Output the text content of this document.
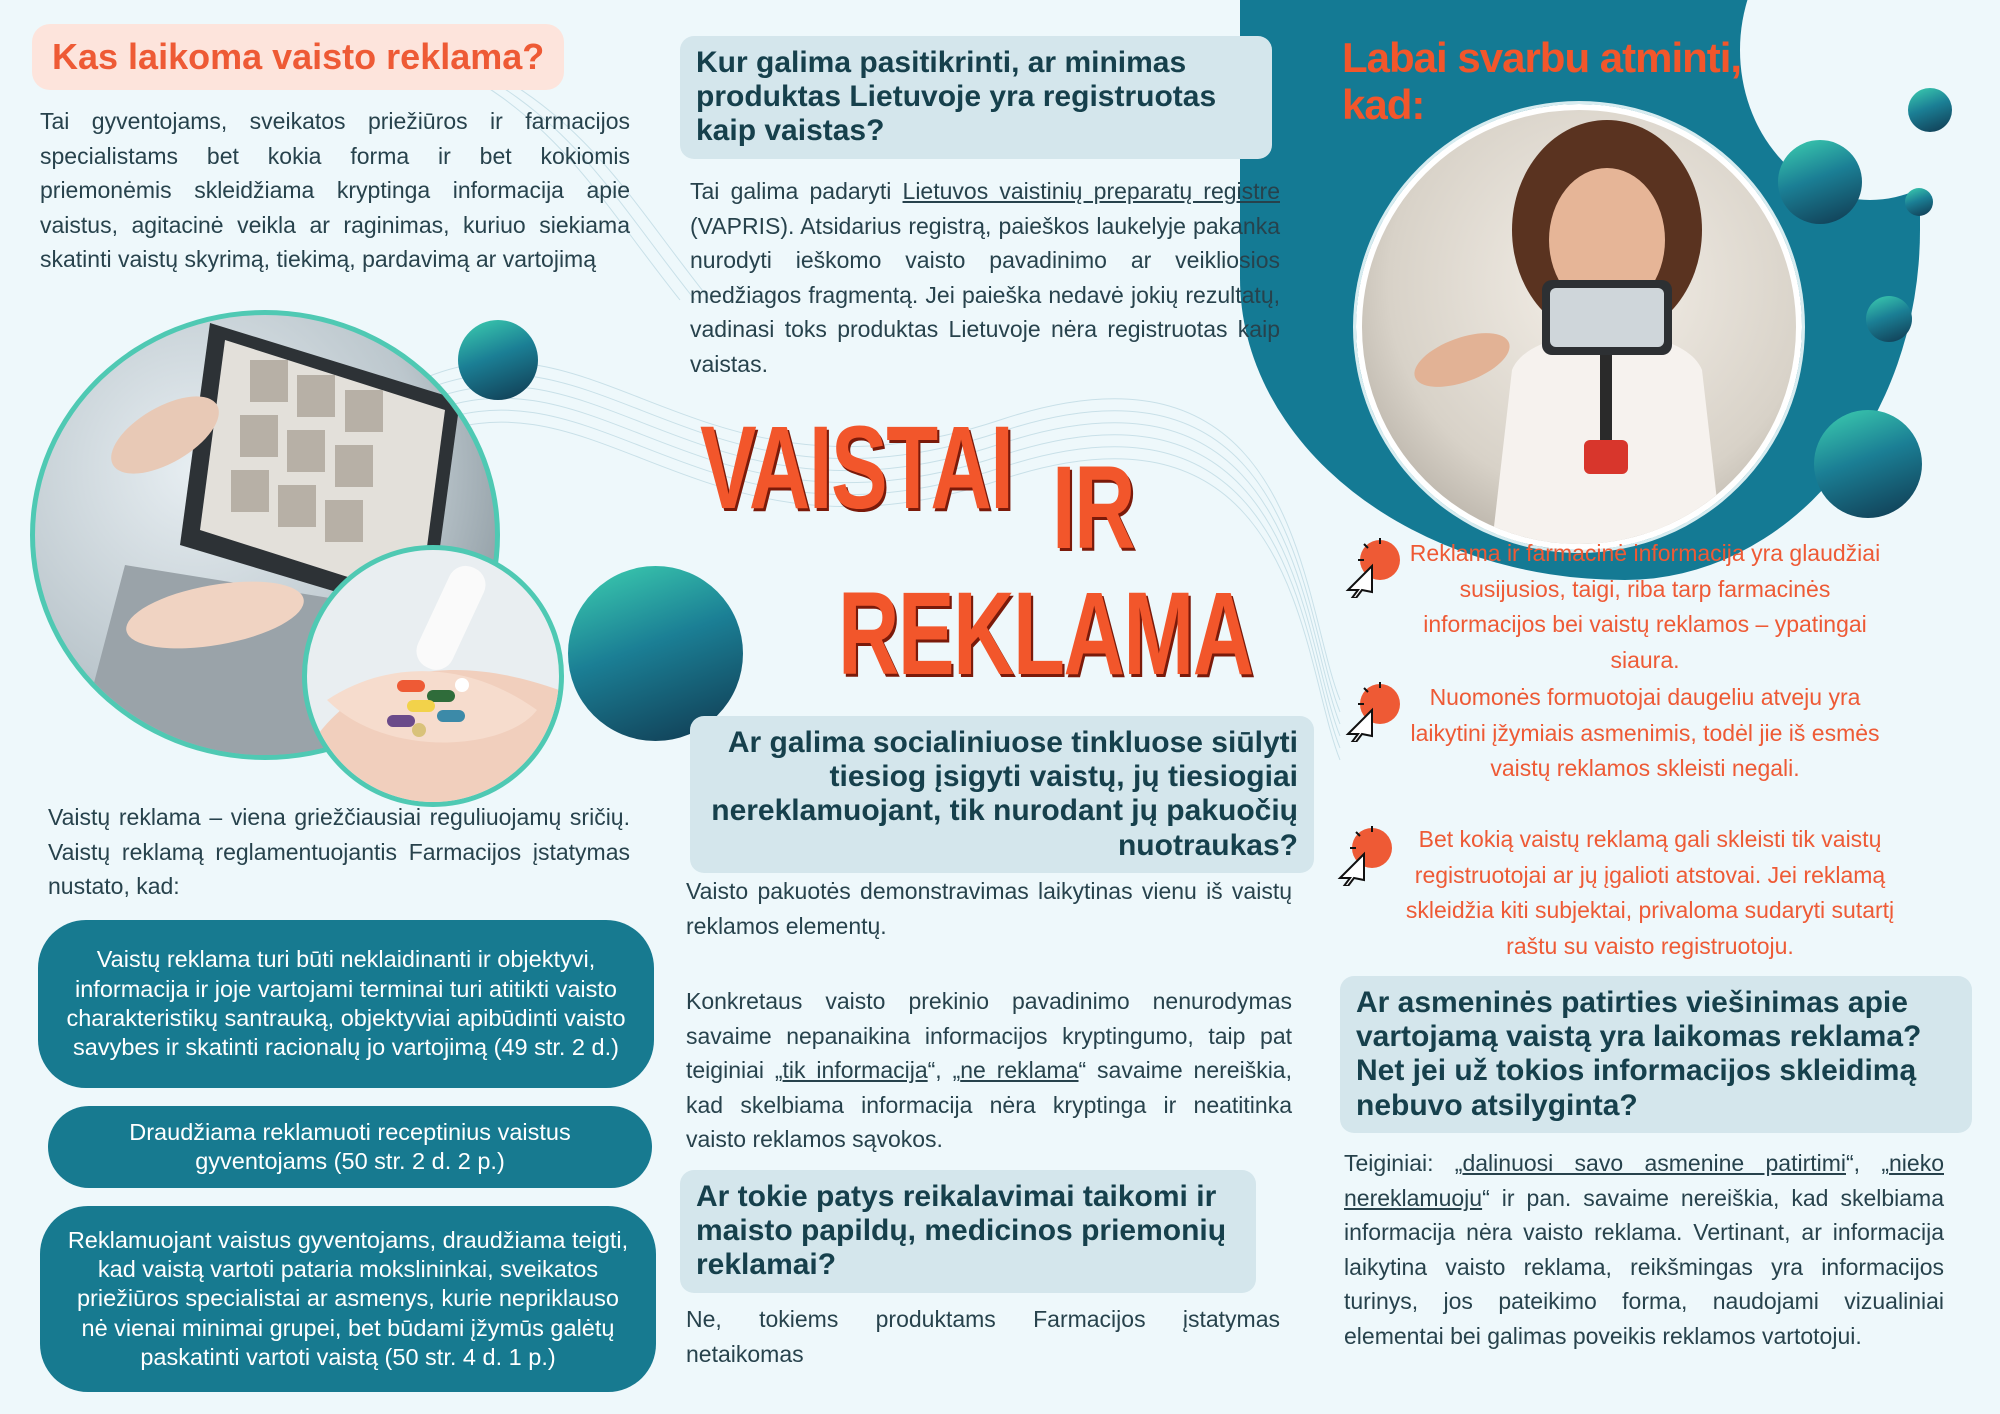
Kas laikoma vaisto reklama?
Tai gyventojams, sveikatos priežiūros ir farmacijos specialistams bet kokia forma ir bet kokiomis priemonėmis skleidžiama kryptinga informacija apie vaistus, agitacinė veikla ar raginimas, kuriuo siekiama skatinti vaistų skyrimą, tiekimą, pardavimą ar vartojimą
Vaistų reklama – viena griežčiausiai reguliuojamų sričių. Vaistų reklamą reglamentuojantis Farmacijos įstatymas nustato, kad:
Vaistų reklama turi būti neklaidinanti ir objektyvi, informacija ir joje vartojami terminai turi atitikti vaisto charakteristikų santrauką, objektyviai apibūdinti vaisto savybes ir skatinti racionalų jo vartojimą (49 str. 2 d.)
Draudžiama reklamuoti receptinius vaistus gyventojams (50 str. 2 d. 2 p.)
Reklamuojant vaistus gyventojams, draudžiama teigti, kad vaistą vartoti pataria mokslininkai, sveikatos priežiūros specialistai ar asmenys, kurie nepriklauso nė vienai minimai grupei, bet būdami įžymūs galėtų paskatinti vartoti vaistą (50 str. 4 d. 1 p.)
Kur galima pasitikrinti, ar minimas produktas Lietuvoje yra registruotas kaip vaistas?
Tai galima padaryti Lietuvos vaistinių preparatų registre (VAPRIS). Atsidarius registrą, paieškos laukelyje pakanka nurodyti ieškomo vaisto pavadinimo ar veikliosios medžiagos fragmentą. Jei paieška nedavė jokių rezultatų, vadinasi toks produktas Lietuvoje nėra registruotas kaip vaistas.
VAISTAI IR
REKLAMA
Ar galima socialiniuose tinkluose siūlyti tiesiog įsigyti vaistų, jų tiesiogiai nereklamuojant, tik nurodant jų pakuočių nuotraukas?
Vaisto pakuotės demonstravimas laikytinas vienu iš vaistų reklamos elementų.
Konkretaus vaisto prekinio pavadinimo nenurodymas savaime nepanaikina informacijos kryptingumo, taip pat teiginiai „tik informacija“, „ne reklama“ savaime nereiškia, kad skelbiama informacija nėra kryptinga ir neatitinka vaisto reklamos sąvokos.
Ar tokie patys reikalavimai taikomi ir maisto papildų, medicinos priemonių reklamai?
Ne, tokiems produktams Farmacijos įstatymas netaikomas
Labai svarbu atminti, kad:
Reklama ir farmacinė informacija yra glaudžiai susijusios, taigi, riba tarp farmacinės informacijos bei vaistų reklamos – ypatingai siaura.
Nuomonės formuotojai daugeliu atveju yra laikytini įžymiais asmenimis, todėl jie iš esmės vaistų reklamos skleisti negali.
Bet kokią vaistų reklamą gali skleisti tik vaistų registruotojai ar jų įgalioti atstovai. Jei reklamą skleidžia kiti subjektai, privaloma sudaryti sutartį raštu su vaisto registruotoju.
Ar asmeninės patirties viešinimas apie vartojamą vaistą yra laikomas reklama? Net jei už tokios informacijos skleidimą nebuvo atsilyginta?
Teiginiai: „dalinuosi savo asmenine patirtimi“, „nieko nereklamuoju“ ir pan. savaime nereiškia, kad skelbiama informacija nėra vaisto reklama. Vertinant, ar informacija laikytina vaisto reklama, reikšmingas yra informacijos turinys, jos pateikimo forma, naudojami vizualiniai elementai bei galimas poveikis reklamos vartotojui.
